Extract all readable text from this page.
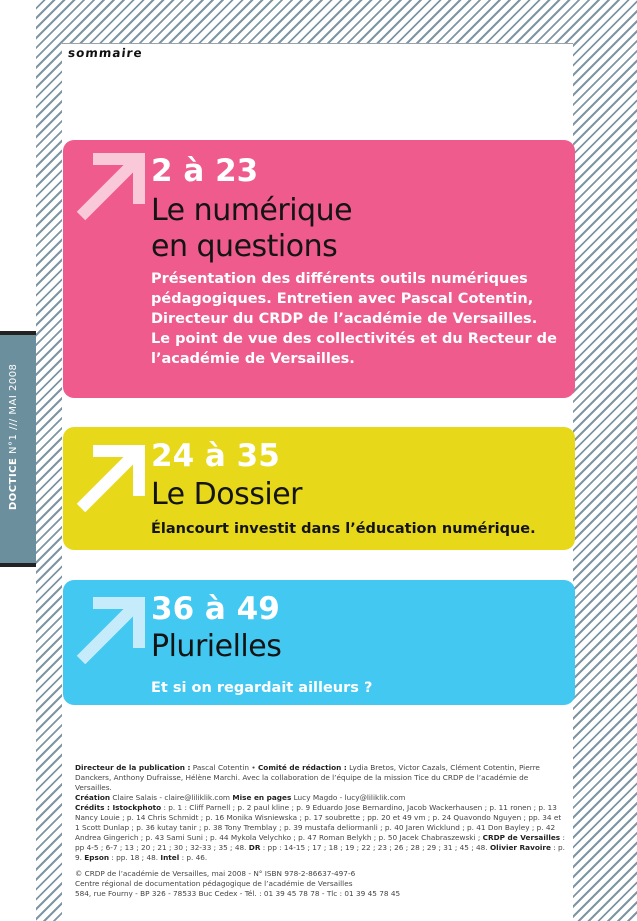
sommaire
DOCTICE N°1 /// MAI 2008
2 à 23
Le numérique
en questions
Présentation des différents outils numériques pédagogiques. Entretien avec Pascal Cotentin, Directeur du CRDP de l’académie de Versailles. Le point de vue des collectivités et du Recteur de l’académie de Versailles.
24 à 35
Le Dossier
Élancourt investit dans l’éducation numérique.
36 à 49
Plurielles
Et si on regardait ailleurs ?

Directeur de la publication : Pascal Cotentin • Comité de rédaction : Lydia Bretos, Victor Cazals, Clément Cotentin, Pierre Danckers, Anthony Dufraisse, Hélène Marchi. Avec la collaboration de l’équipe de la mission Tice du CRDP de l’académie de Versailles.

Création Claire Salais - claire@liliklik.com Mise en pages Lucy Magdo - lucy@liliklik.com

Crédits : Istockphoto : p. 1 : Cliff Parnell ; p. 2 paul kline ; p. 9 Eduardo Jose Bernardino, Jacob Wackerhausen ; p. 11 ronen ; p. 13 Nancy Louie ; p. 14 Chris Schmidt ; p. 16 Monika Wisniewska ; p. 17 soubrette ; pp. 20 et 49 vm ; p. 24 Quavondo Nguyen ; pp. 34 et 1 Scott Dunlap ; p. 36 kutay tanir ; p. 38 Tony Tremblay ; p. 39 mustafa deliormanli ; p. 40 Jaren Wicklund ; p. 41 Don Bayley ; p. 42 Andrea Gingerich ; p. 43 Sami Suni ; p. 44 Mykola Velychko ; p. 47 Roman Belykh ; p. 50 Jacek Chabraszewski ; CRDP de Versailles : pp 4-5 ; 6-7 ; 13 ; 20 ; 21 ; 30 ; 32-33 ; 35 ; 48. DR : pp : 14-15 ; 17 ; 18 ; 19 ; 22 ; 23 ; 26 ; 28 ; 29 ; 31 ; 45 ; 48. Olivier Ravoire : p. 9. Epson : pp. 18 ; 48. Intel : p. 46.

© CRDP de l’académie de Versailles, mai 2008 - N° ISBN 978-2-86637-497-6

Centre régional de documentation pédagogique de l’académie de Versailles

584, rue Fourny - BP 326 - 78533 Buc Cedex - Tél. : 01 39 45 78 78 - Tlc : 01 39 45 78 45
